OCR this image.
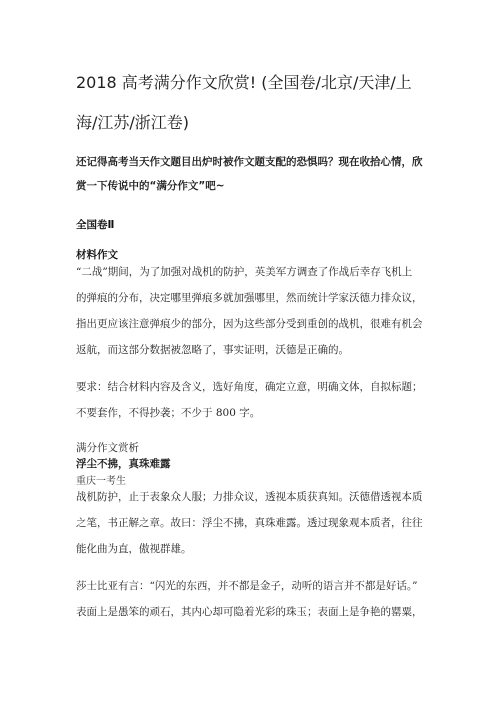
2018 高考满分作文欣赏! (全国卷/北京/天津/上
海/江苏/浙江卷)
还记得高考当天作文题目出炉时被作文题支配的恐惧吗？现在收拾心情，欣
赏一下传说中的“满分作文”吧~
全国卷Ⅱ
材料作文
“二战”期间，为了加强对战机的防护，英美军方调查了作战后幸存飞机上
的弹痕的分布，决定哪里弹痕多就加强哪里，然而统计学家沃德力排众议，
指出更应该注意弹痕少的部分，因为这些部分受到重创的战机，很难有机会
返航，而这部分数据被忽略了，事实证明，沃德是正确的。
要求：结合材料内容及含义，选好角度，确定立意，明确文体，自拟标题；
不要套作，不得抄袭；不少于 800 字。
满分作文赏析
浮尘不拂，真珠难露
重庆一考生
战机防护，止于表象众人服；力排众议，透视本质获真知。沃德借透视本质
之笔，书正解之章。故曰：浮尘不拂，真珠难露。透过现象观本质者，往往
能化曲为直，傲视群雄。
莎士比亚有言：“闪光的东西，并不都是金子，动听的语言并不都是好话。”
表面上是愚笨的顽石，其内心却可隐着光彩的珠玉；表面上是争艳的罂粟，
